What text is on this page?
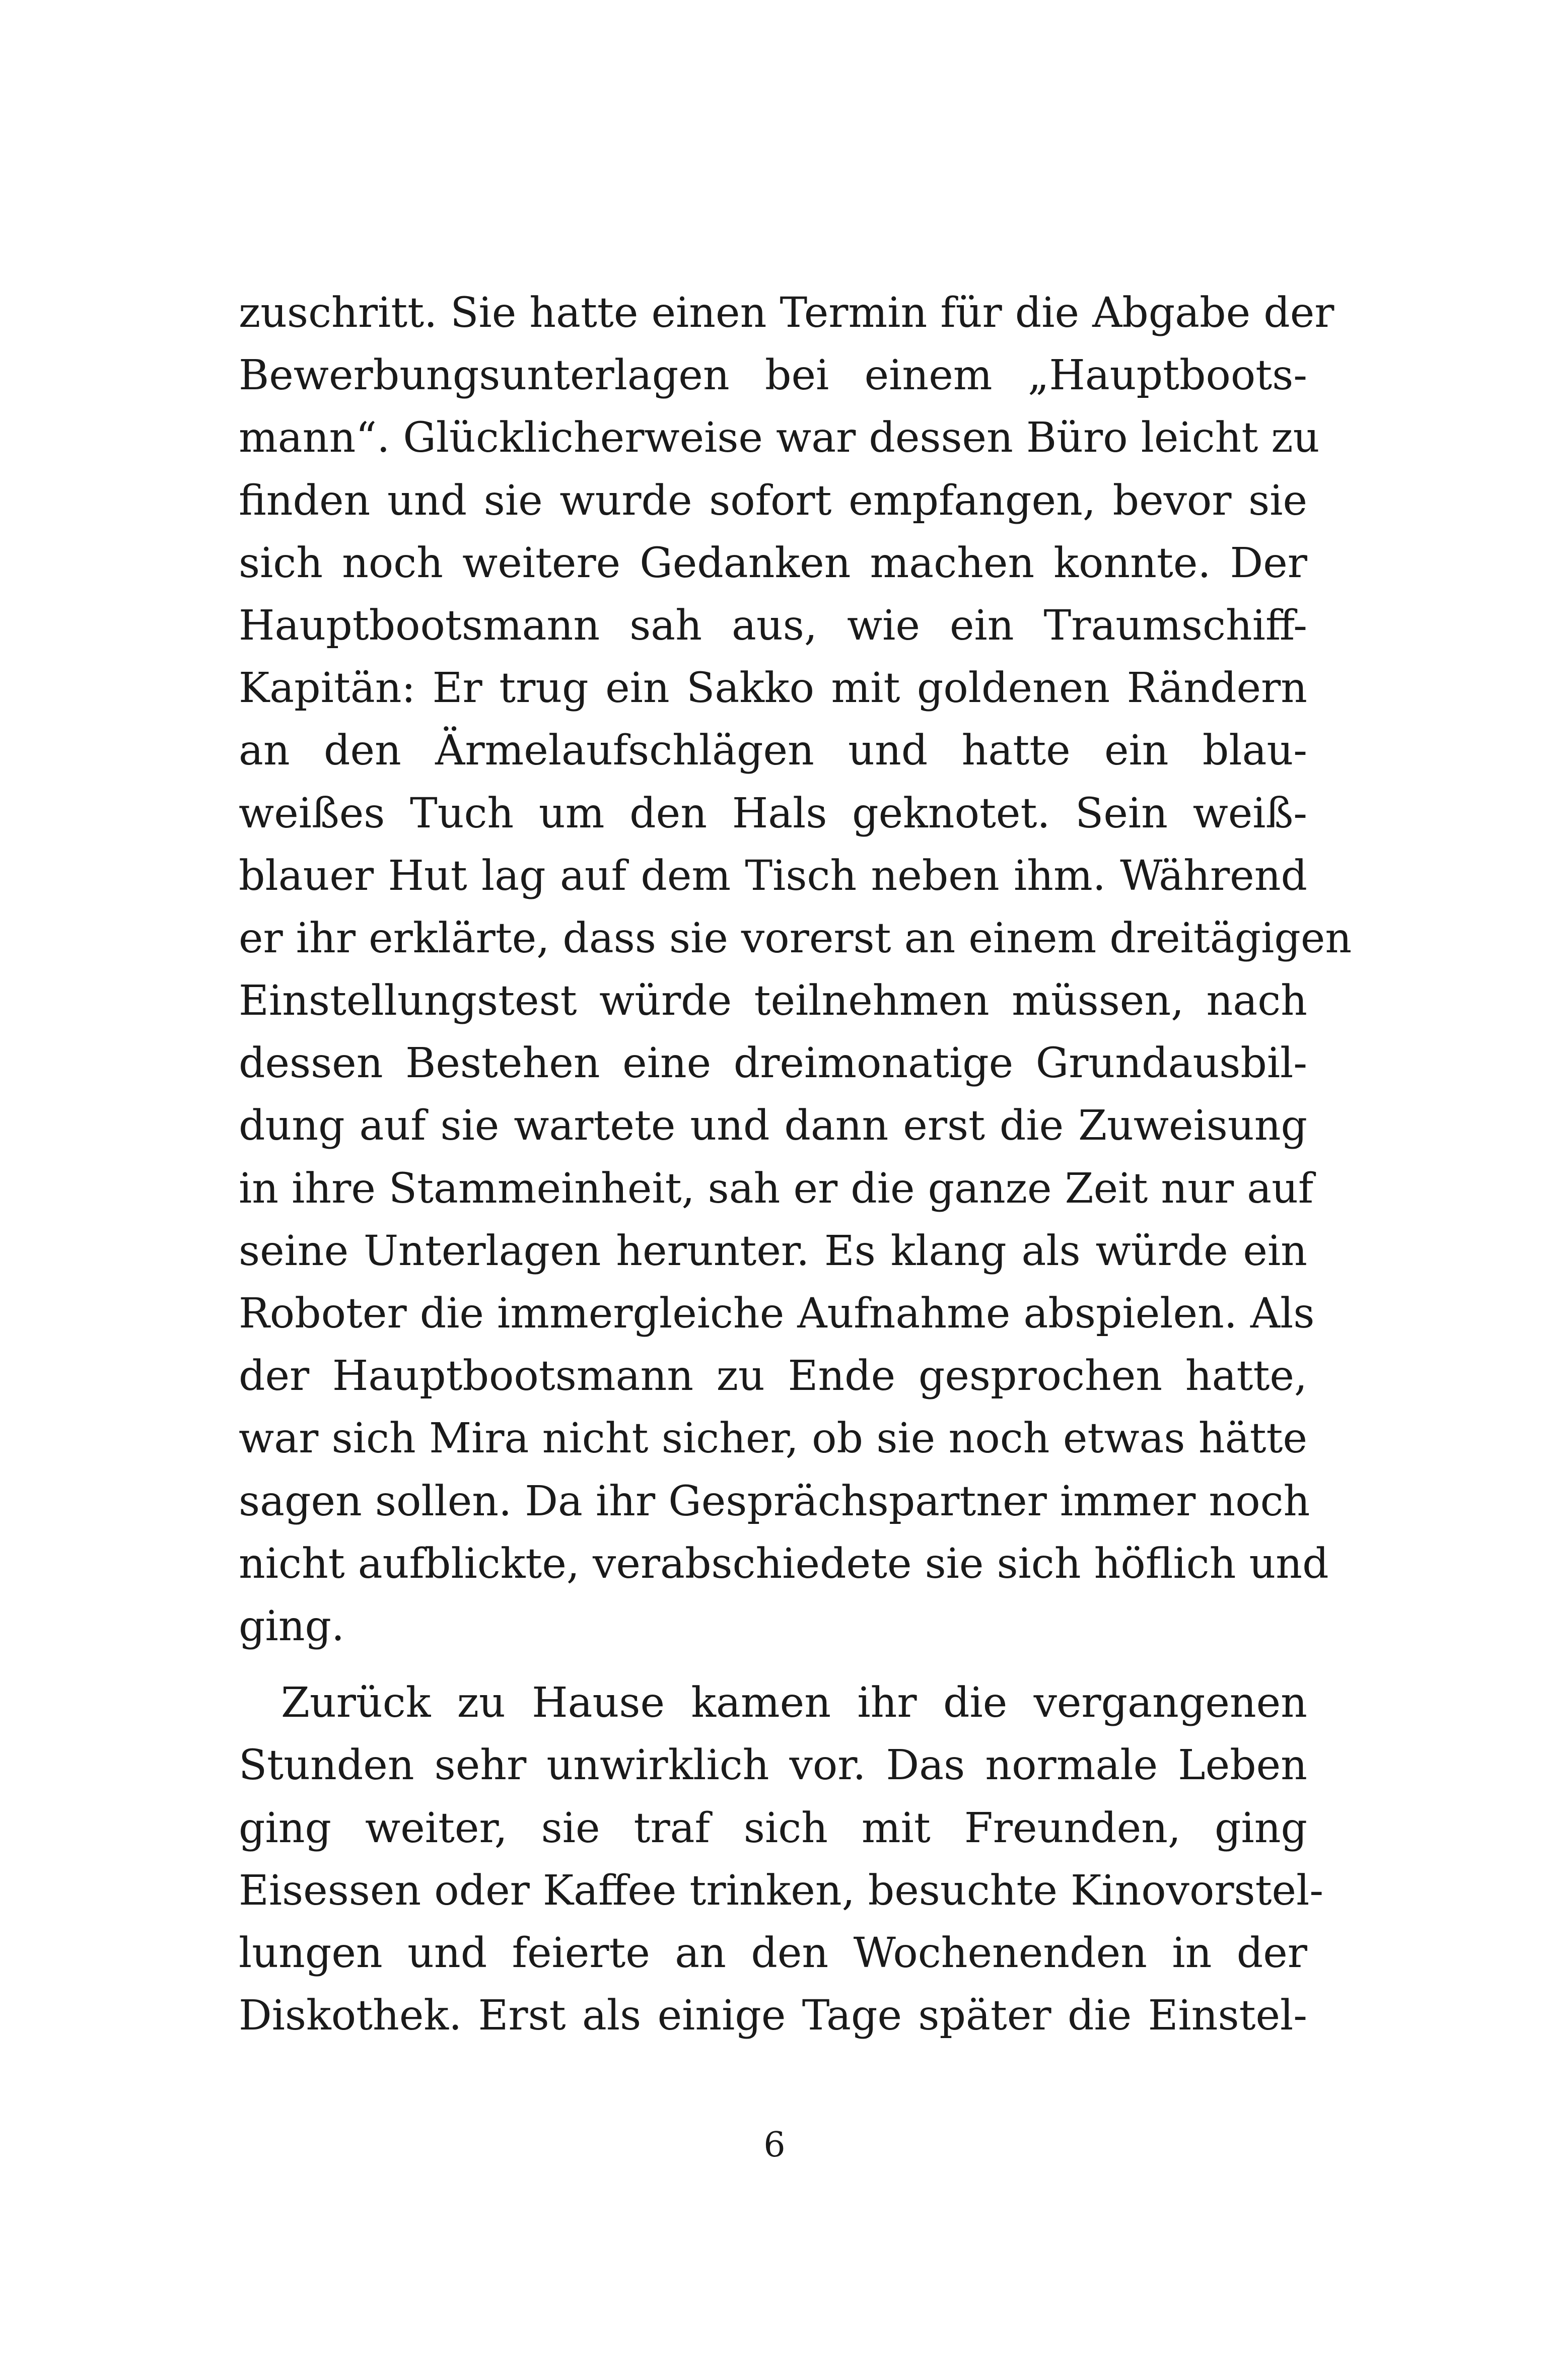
zuschritt. Sie hatte einen Termin für die Abgabe der
Bewerbungsunterlagen bei einem „Hauptboots-
mann“. Glücklicherweise war dessen Büro leicht zu
finden und sie wurde sofort empfangen, bevor sie
sich noch weitere Gedanken machen konnte. Der
Hauptbootsmann sah aus, wie ein Traumschiff-
Kapitän: Er trug ein Sakko mit goldenen Rändern
an den Ärmelaufschlägen und hatte ein blau-
weißes Tuch um den Hals geknotet. Sein weiß-
blauer Hut lag auf dem Tisch neben ihm. Während
er ihr erklärte, dass sie vorerst an einem dreitägigen
Einstellungstest würde teilnehmen müssen, nach
dessen Bestehen eine dreimonatige Grundausbil-
dung auf sie wartete und dann erst die Zuweisung
in ihre Stammeinheit, sah er die ganze Zeit nur auf
seine Unterlagen herunter. Es klang als würde ein
Roboter die immergleiche Aufnahme abspielen. Als
der Hauptbootsmann zu Ende gesprochen hatte,
war sich Mira nicht sicher, ob sie noch etwas hätte
sagen sollen. Da ihr Gesprächspartner immer noch
nicht aufblickte, verabschiedete sie sich höflich und
ging.
Zurück zu Hause kamen ihr die vergangenen
Stunden sehr unwirklich vor. Das normale Leben
ging weiter, sie traf sich mit Freunden, ging
Eisessen oder Kaffee trinken, besuchte Kinovorstel-
lungen und feierte an den Wochenenden in der
Diskothek. Erst als einige Tage später die Einstel-
6
